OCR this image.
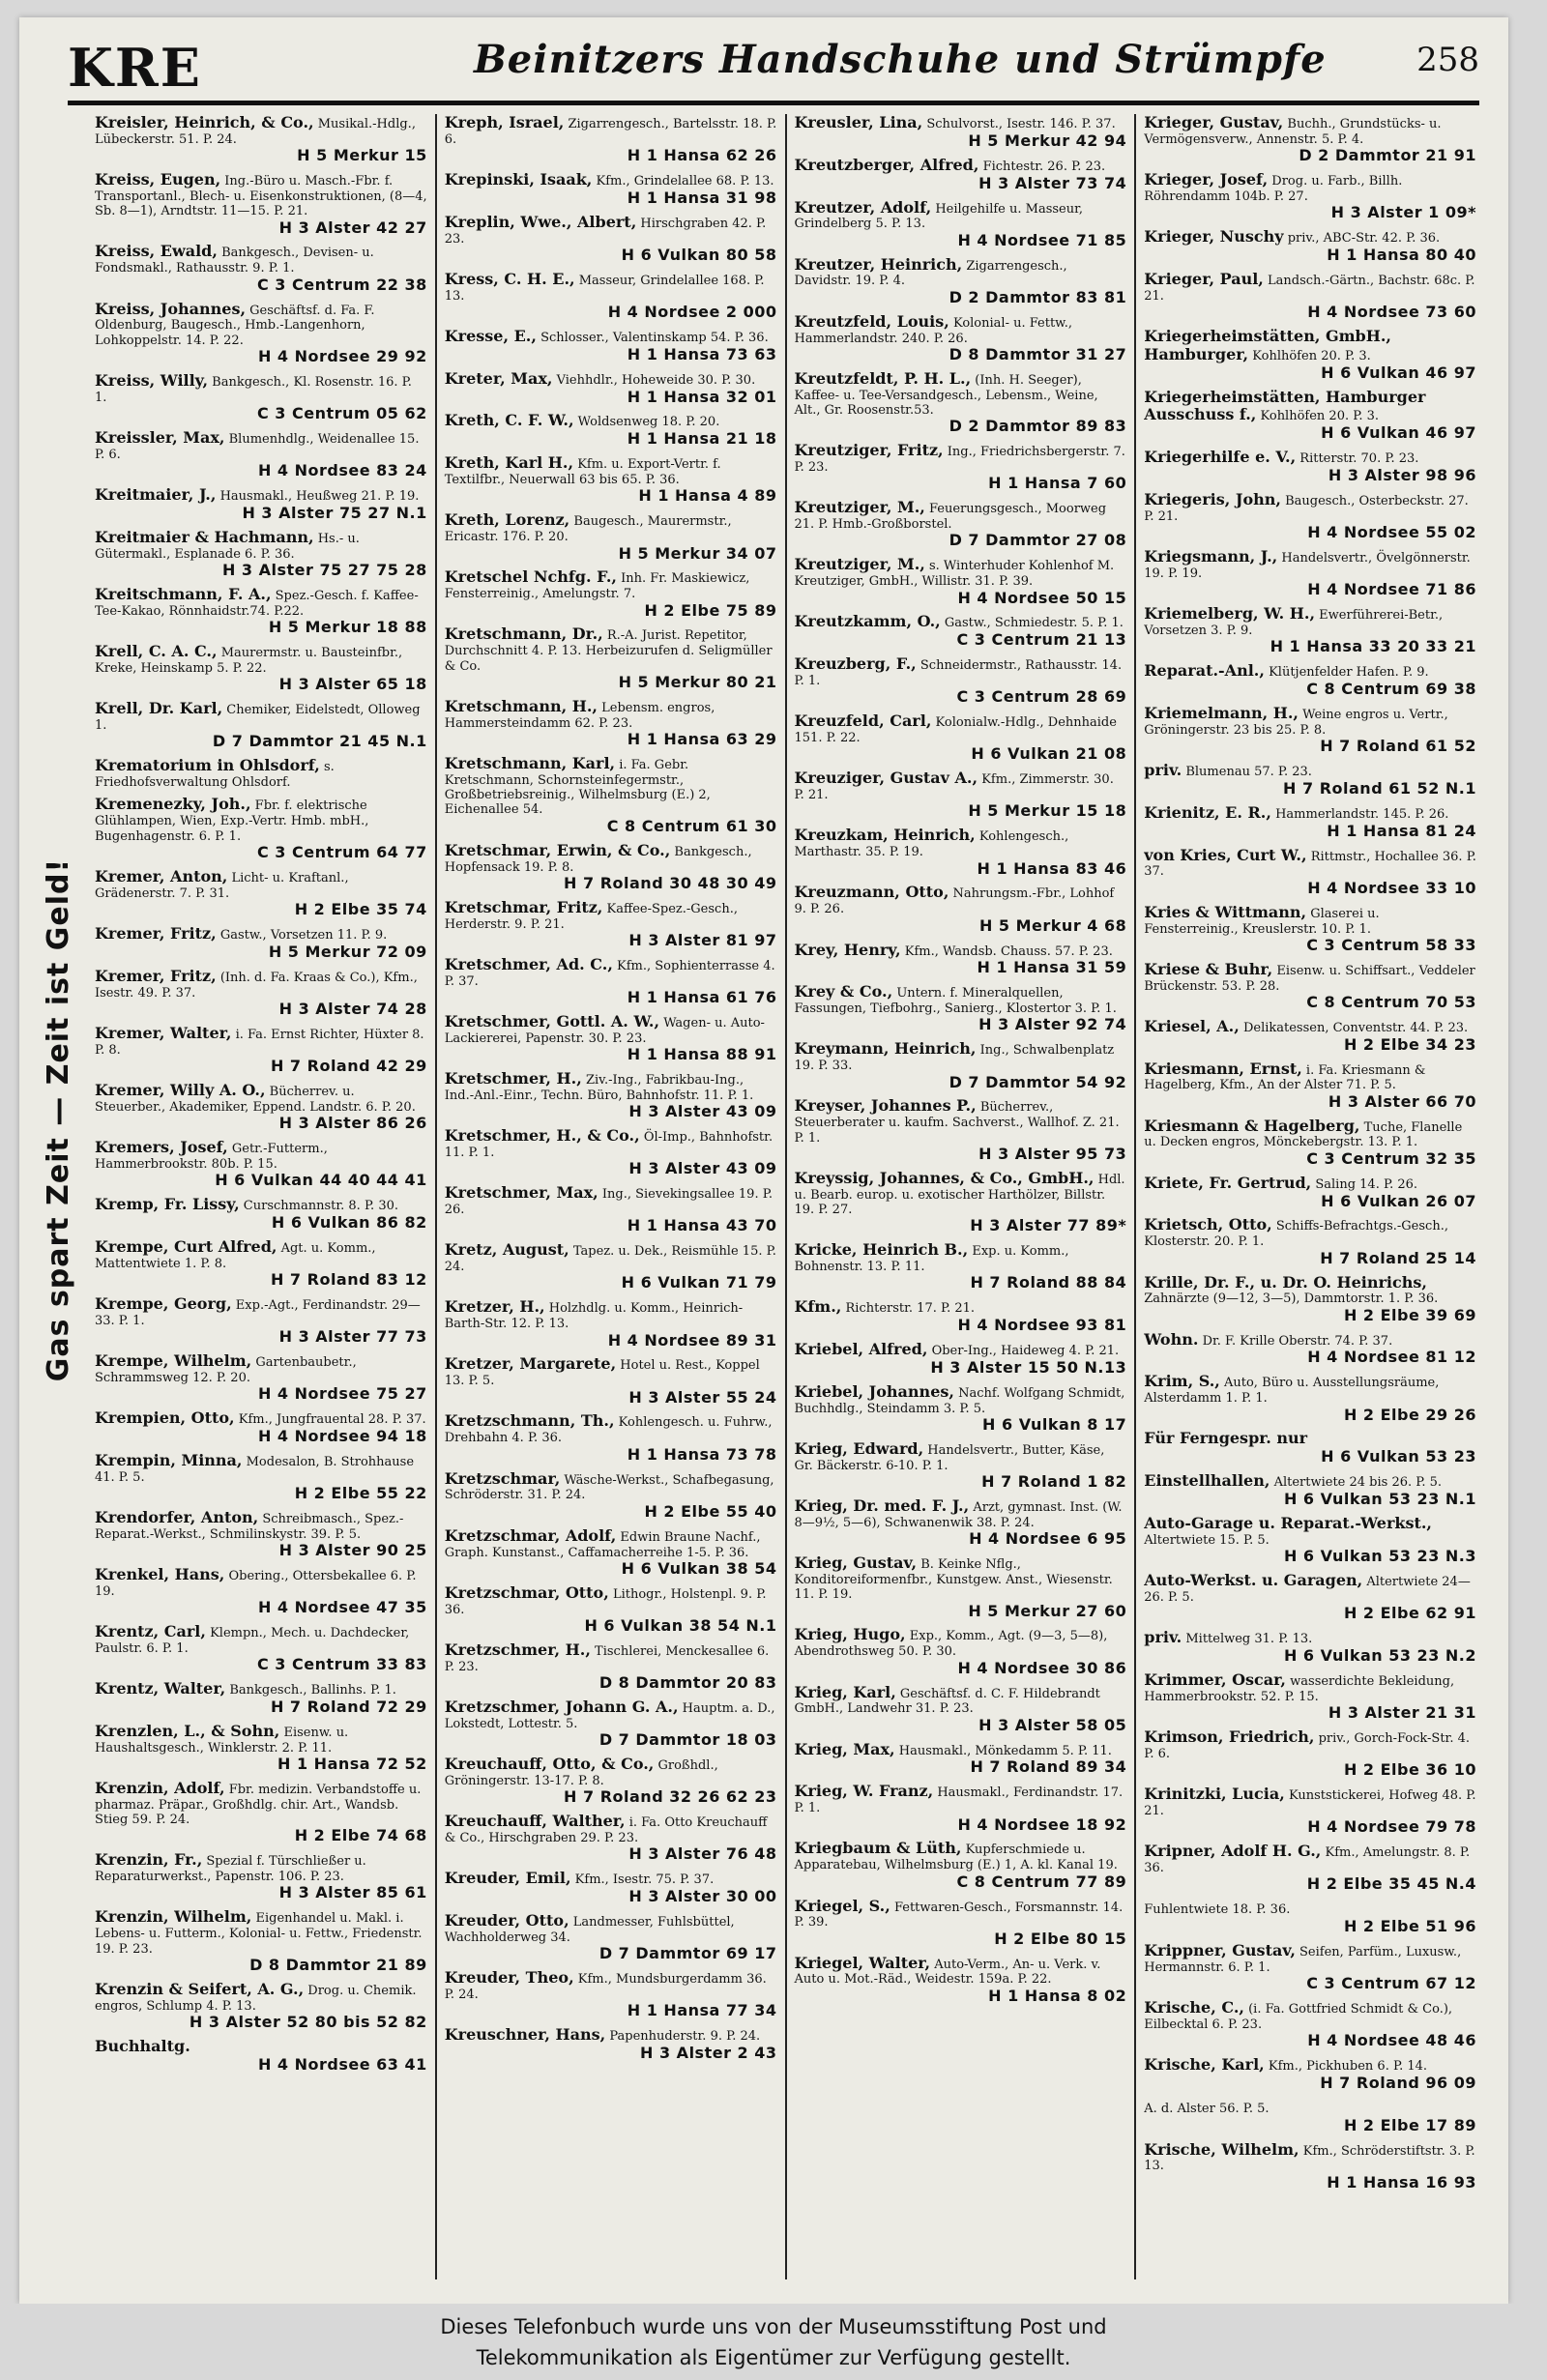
KRE	Beinitzers Handschuhe und Strümpfe	258
Gas spart Zeit — Zeit ist Geld!
Kreisler, Heinrich, & Co., Musikal.-Hdlg., Lübeckerstr. 51. P. 24.
H 5 Merkur 15
Kreiss, Eugen, Ing.-Büro u. Masch.-Fbr. f. Transportanl., Blech- u. Eisenkonstruktionen, (8—4, Sb. 8—1), Arndtstr. 11—15. P. 21.
H 3 Alster 42 27
Kreiss, Ewald, Bankgesch., Devisen- u. Fondsmakl., Rathausstr. 9. P. 1.
C 3 Centrum 22 38
Kreiss, Johannes, Geschäftsf. d. Fa. F. Oldenburg, Baugesch., Hmb.-Langenhorn, Lohkoppelstr. 14. P. 22.
H 4 Nordsee 29 92
Kreiss, Willy, Bankgesch., Kl. Rosenstr. 16. P. 1.
C 3 Centrum 05 62
Kreissler, Max, Blumenhdlg., Weidenallee 15. P. 6.
H 4 Nordsee 83 24
Kreitmaier, J., Hausmakl., Heußweg 21. P. 19.
H 3 Alster 75 27 N.1
Kreitmaier & Hachmann, Hs.- u. Gütermakl., Esplanade 6. P. 36.
H 3 Alster 75 27 75 28
Kreitschmann, F. A., Spez.-Gesch. f. Kaffee-Tee-Kakao, Rönnhaidstr.74. P.22.
H 5 Merkur 18 88
Krell, C. A. C., Maurermstr. u. Bausteinfbr., Kreke, Heinskamp 5. P. 22.
H 3 Alster 65 18
Krell, Dr. Karl, Chemiker, Eidelstedt, Olloweg 1.
D 7 Dammtor 21 45 N.1
Krematorium in Ohlsdorf, s. Friedhofsverwaltung Ohlsdorf.
Kremenezky, Joh., Fbr. f. elektrische Glühlampen, Wien, Exp.-Vertr. Hmb. mbH., Bugenhagenstr. 6. P. 1.
C 3 Centrum 64 77
Kremer, Anton, Licht- u. Kraftanl., Grädenerstr. 7. P. 31.
H 2 Elbe 35 74
Kremer, Fritz, Gastw., Vorsetzen 11. P. 9.
H 5 Merkur 72 09
Kremer, Fritz, (Inh. d. Fa. Kraas & Co.), Kfm., Isestr. 49. P. 37.
H 3 Alster 74 28
Kremer, Walter, i. Fa. Ernst Richter, Hüxter 8. P. 8.
H 7 Roland 42 29
Kremer, Willy A. O., Bücherrev. u. Steuerber., Akademiker, Eppend. Landstr. 6. P. 20.
H 3 Alster 86 26
Kremers, Josef, Getr.-Futterm., Hammerbrookstr. 80b. P. 15.
H 6 Vulkan 44 40 44 41
Kremp, Fr. Lissy, Curschmannstr. 8. P. 30.
H 6 Vulkan 86 82
Krempe, Curt Alfred, Agt. u. Komm., Mattentwiete 1. P. 8.
H 7 Roland 83 12
Krempe, Georg, Exp.-Agt., Ferdinandstr. 29—33. P. 1.
H 3 Alster 77 73
Krempe, Wilhelm, Gartenbaubetr., Schrammsweg 12. P. 20.
H 4 Nordsee 75 27
Krempien, Otto, Kfm., Jungfrauental 28. P. 37.
H 4 Nordsee 94 18
Krempin, Minna, Modesalon, B. Strohhause 41. P. 5.
H 2 Elbe 55 22
Krendorfer, Anton, Schreibmasch., Spez.-Reparat.-Werkst., Schmilinskystr. 39. P. 5.
H 3 Alster 90 25
Krenkel, Hans, Obering., Ottersbekallee 6. P. 19.
H 4 Nordsee 47 35
Krentz, Carl, Klempn., Mech. u. Dachdecker, Paulstr. 6. P. 1.
C 3 Centrum 33 83
Krentz, Walter, Bankgesch., Ballinhs. P. 1.
H 7 Roland 72 29
Krenzlen, L., & Sohn, Eisenw. u. Haushaltsgesch., Winklerstr. 2. P. 11.
H 1 Hansa 72 52
Krenzin, Adolf, Fbr. medizin. Verbandstoffe u. pharmaz. Präpar., Großhdlg. chir. Art., Wandsb. Stieg 59. P. 24.
H 2 Elbe 74 68
Krenzin, Fr., Spezial f. Türschließer u. Reparaturwerkst., Papenstr. 106. P. 23.
H 3 Alster 85 61
Krenzin, Wilhelm, Eigenhandel u. Makl. i. Lebens- u. Futterm., Kolonial- u. Fettw., Friedenstr. 19. P. 23.
D 8 Dammtor 21 89
Krenzin & Seifert, A. G., Drog. u. Chemik. engros, Schlump 4. P. 13.
H 3 Alster 52 80 bis 52 82
Buchhaltg.
H 4 Nordsee 63 41
Kreph, Israel, Zigarrengesch., Bartelsstr. 18. P. 6.
H 1 Hansa 62 26
Krepinski, Isaak, Kfm., Grindelallee 68. P. 13.
H 1 Hansa 31 98
Kreplin, Wwe., Albert, Hirschgraben 42. P. 23.
H 6 Vulkan 80 58
Kress, C. H. E., Masseur, Grindelallee 168. P. 13.
H 4 Nordsee 2 000
Kresse, E., Schlosser., Valentinskamp 54. P. 36.
H 1 Hansa 73 63
Kreter, Max, Viehhdlr., Hoheweide 30. P. 30.
H 1 Hansa 32 01
Kreth, C. F. W., Woldsenweg 18. P. 20.
H 1 Hansa 21 18
Kreth, Karl H., Kfm. u. Export-Vertr. f. Textilfbr., Neuerwall 63 bis 65. P. 36.
H 1 Hansa 4 89
Kreth, Lorenz, Baugesch., Maurermstr., Ericastr. 176. P. 20.
H 5 Merkur 34 07
Kretschel Nchfg. F., Inh. Fr. Maskiewicz, Fensterreinig., Amelungstr. 7.
H 2 Elbe 75 89
Kretschmann, Dr., R.-A. Jurist. Repetitor, Durchschnitt 4. P. 13. Herbeizurufen d. Seligmüller & Co.
H 5 Merkur 80 21
Kretschmann, H., Lebensm. engros, Hammersteindamm 62. P. 23.
H 1 Hansa 63 29
Kretschmann, Karl, i. Fa. Gebr. Kretschmann, Schornsteinfegermstr., Großbetriebsreinig., Wilhelmsburg (E.) 2, Eichenallee 54.
C 8 Centrum 61 30
Kretschmar, Erwin, & Co., Bankgesch., Hopfensack 19. P. 8.
H 7 Roland 30 48 30 49
Kretschmar, Fritz, Kaffee-Spez.-Gesch., Herderstr. 9. P. 21.
H 3 Alster 81 97
Kretschmer, Ad. C., Kfm., Sophienterrasse 4. P. 37.
H 1 Hansa 61 76
Kretschmer, Gottl. A. W., Wagen- u. Auto-Lackiererei, Papenstr. 30. P. 23.
H 1 Hansa 88 91
Kretschmer, H., Ziv.-Ing., Fabrikbau-Ing., Ind.-Anl.-Einr., Techn. Büro, Bahnhofstr. 11. P. 1.
H 3 Alster 43 09
Kretschmer, H., & Co., Öl-Imp., Bahnhofstr. 11. P. 1.
H 3 Alster 43 09
Kretschmer, Max, Ing., Sievekingsallee 19. P. 26.
H 1 Hansa 43 70
Kretz, August, Tapez. u. Dek., Reismühle 15. P. 24.
H 6 Vulkan 71 79
Kretzer, H., Holzhdlg. u. Komm., Heinrich-Barth-Str. 12. P. 13.
H 4 Nordsee 89 31
Kretzer, Margarete, Hotel u. Rest., Koppel 13. P. 5.
H 3 Alster 55 24
Kretzschmann, Th., Kohlengesch. u. Fuhrw., Drehbahn 4. P. 36.
H 1 Hansa 73 78
Kretzschmar, Wäsche-Werkst., Schafbegasung, Schröderstr. 31. P. 24.
H 2 Elbe 55 40
Kretzschmar, Adolf, Edwin Braune Nachf., Graph. Kunstanst., Caffamacherreihe 1-5. P. 36.
H 6 Vulkan 38 54
Kretzschmar, Otto, Lithogr., Holstenpl. 9. P. 36.
H 6 Vulkan 38 54 N.1
Kretzschmer, H., Tischlerei, Menckesallee 6. P. 23.
D 8 Dammtor 20 83
Kretzschmer, Johann G. A., Hauptm. a. D., Lokstedt, Lottestr. 5.
D 7 Dammtor 18 03
Kreuchauff, Otto, & Co., Großhdl., Gröningerstr. 13-17. P. 8.
H 7 Roland 32 26 62 23
Kreuchauff, Walther, i. Fa. Otto Kreuchauff & Co., Hirschgraben 29. P. 23.
H 3 Alster 76 48
Kreuder, Emil, Kfm., Isestr. 75. P. 37.
H 3 Alster 30 00
Kreuder, Otto, Landmesser, Fuhlsbüttel, Wachholderweg 34.
D 7 Dammtor 69 17
Kreuder, Theo, Kfm., Mundsburgerdamm 36. P. 24.
H 1 Hansa 77 34
Kreuschner, Hans, Papenhuderstr. 9. P. 24.
H 3 Alster 2 43
Kreusler, Lina, Schulvorst., Isestr. 146. P. 37.
H 5 Merkur 42 94
Kreutzberger, Alfred, Fichtestr. 26. P. 23.
H 3 Alster 73 74
Kreutzer, Adolf, Heilgehilfe u. Masseur, Grindelberg 5. P. 13.
H 4 Nordsee 71 85
Kreutzer, Heinrich, Zigarrengesch., Davidstr. 19. P. 4.
D 2 Dammtor 83 81
Kreutzfeld, Louis, Kolonial- u. Fettw., Hammerlandstr. 240. P. 26.
D 8 Dammtor 31 27
Kreutzfeldt, P. H. L., (Inh. H. Seeger), Kaffee- u. Tee-Versandgesch., Lebensm., Weine, Alt., Gr. Roosenstr.53.
D 2 Dammtor 89 83
Kreutziger, Fritz, Ing., Friedrichsbergerstr. 7. P. 23.
H 1 Hansa 7 60
Kreutziger, M., Feuerungsgesch., Moorweg 21. P. Hmb.-Großborstel.
D 7 Dammtor 27 08
Kreutziger, M., s. Winterhuder Kohlenhof M. Kreutziger, GmbH., Willistr. 31. P. 39.
H 4 Nordsee 50 15
Kreutzkamm, O., Gastw., Schmiedestr. 5. P. 1.
C 3 Centrum 21 13
Kreuzberg, F., Schneidermstr., Rathausstr. 14. P. 1.
C 3 Centrum 28 69
Kreuzfeld, Carl, Kolonialw.-Hdlg., Dehnhaide 151. P. 22.
H 6 Vulkan 21 08
Kreuziger, Gustav A., Kfm., Zimmerstr. 30. P. 21.
H 5 Merkur 15 18
Kreuzkam, Heinrich, Kohlengesch., Marthastr. 35. P. 19.
H 1 Hansa 83 46
Kreuzmann, Otto, Nahrungsm.-Fbr., Lohhof 9. P. 26.
H 5 Merkur 4 68
Krey, Henry, Kfm., Wandsb. Chauss. 57. P. 23.
H 1 Hansa 31 59
Krey & Co., Untern. f. Mineralquellen, Fassungen, Tiefbohrg., Sanierg., Klostertor 3. P. 1.
H 3 Alster 92 74
Kreymann, Heinrich, Ing., Schwalbenplatz 19. P. 33.
D 7 Dammtor 54 92
Kreyser, Johannes P., Bücherrev., Steuerberater u. kaufm. Sachverst., Wallhof. Z. 21. P. 1.
H 3 Alster 95 73
Kreyssig, Johannes, & Co., GmbH., Hdl. u. Bearb. europ. u. exotischer Harthölzer, Billstr. 19. P. 27.
H 3 Alster 77 89*
Kricke, Heinrich B., Exp. u. Komm., Bohnenstr. 13. P. 11.
H 7 Roland 88 84
Kfm., Richterstr. 17. P. 21.
H 4 Nordsee 93 81
Kriebel, Alfred, Ober-Ing., Haideweg 4. P. 21.
H 3 Alster 15 50 N.13
Kriebel, Johannes, Nachf. Wolfgang Schmidt, Buchhdlg., Steindamm 3. P. 5.
H 6 Vulkan 8 17
Krieg, Edward, Handelsvertr., Butter, Käse, Gr. Bäckerstr. 6-10. P. 1.
H 7 Roland 1 82
Krieg, Dr. med. F. J., Arzt, gymnast. Inst. (W. 8—9½, 5—6), Schwanenwik 38. P. 24.
H 4 Nordsee 6 95
Krieg, Gustav, B. Keinke Nflg., Konditoreiformenfbr., Kunstgew. Anst., Wiesenstr. 11. P. 19.
H 5 Merkur 27 60
Krieg, Hugo, Exp., Komm., Agt. (9—3, 5—8), Abendrothsweg 50. P. 30.
H 4 Nordsee 30 86
Krieg, Karl, Geschäftsf. d. C. F. Hildebrandt GmbH., Landwehr 31. P. 23.
H 3 Alster 58 05
Krieg, Max, Hausmakl., Mönkedamm 5. P. 11.
H 7 Roland 89 34
Krieg, W. Franz, Hausmakl., Ferdinandstr. 17. P. 1.
H 4 Nordsee 18 92
Kriegbaum & Lüth, Kupferschmiede u. Apparatebau, Wilhelmsburg (E.) 1, A. kl. Kanal 19.
C 8 Centrum 77 89
Kriegel, S., Fettwaren-Gesch., Forsmannstr. 14. P. 39.
H 2 Elbe 80 15
Kriegel, Walter, Auto-Verm., An- u. Verk. v. Auto u. Mot.-Räd., Weidestr. 159a. P. 22.
H 1 Hansa 8 02
Krieger, Gustav, Buchh., Grundstücks- u. Vermögensverw., Annenstr. 5. P. 4.
D 2 Dammtor 21 91
Krieger, Josef, Drog. u. Farb., Billh. Röhrendamm 104b. P. 27.
H 3 Alster 1 09*
Krieger, Nuschy priv., ABC-Str. 42. P. 36.
H 1 Hansa 80 40
Krieger, Paul, Landsch.-Gärtn., Bachstr. 68c. P. 21.
H 4 Nordsee 73 60
Kriegerheimstätten, GmbH., Hamburger, Kohlhöfen 20. P. 3.
H 6 Vulkan 46 97
Kriegerheimstätten, Hamburger Ausschuss f., Kohlhöfen 20. P. 3.
H 6 Vulkan 46 97
Kriegerhilfe e. V., Ritterstr. 70. P. 23.
H 3 Alster 98 96
Kriegeris, John, Baugesch., Osterbeckstr. 27. P. 21.
H 4 Nordsee 55 02
Kriegsmann, J., Handelsvertr., Övelgönnerstr. 19. P. 19.
H 4 Nordsee 71 86
Kriemelberg, W. H., Ewerführerei-Betr., Vorsetzen 3. P. 9.
H 1 Hansa 33 20 33 21
Reparat.-Anl., Klütjenfelder Hafen. P. 9.
C 8 Centrum 69 38
Kriemelmann, H., Weine engros u. Vertr., Gröningerstr. 23 bis 25. P. 8.
H 7 Roland 61 52
priv. Blumenau 57. P. 23.
H 7 Roland 61 52 N.1
Krienitz, E. R., Hammerlandstr. 145. P. 26.
H 1 Hansa 81 24
von Kries, Curt W., Rittmstr., Hochallee 36. P. 37.
H 4 Nordsee 33 10
Kries & Wittmann, Glaserei u. Fensterreinig., Kreuslerstr. 10. P. 1.
C 3 Centrum 58 33
Kriese & Buhr, Eisenw. u. Schiffsart., Veddeler Brückenstr. 53. P. 28.
C 8 Centrum 70 53
Kriesel, A., Delikatessen, Conventstr. 44. P. 23.
H 2 Elbe 34 23
Kriesmann, Ernst, i. Fa. Kriesmann & Hagelberg, Kfm., An der Alster 71. P. 5.
H 3 Alster 66 70
Kriesmann & Hagelberg, Tuche, Flanelle u. Decken engros, Mönckebergstr. 13. P. 1.
C 3 Centrum 32 35
Kriete, Fr. Gertrud, Saling 14. P. 26.
H 6 Vulkan 26 07
Krietsch, Otto, Schiffs-Befrachtgs.-Gesch., Klosterstr. 20. P. 1.
H 7 Roland 25 14
Krille, Dr. F., u. Dr. O. Heinrichs, Zahnärzte (9—12, 3—5), Dammtorstr. 1. P. 36.
H 2 Elbe 39 69
Wohn. Dr. F. Krille Oberstr. 74. P. 37.
H 4 Nordsee 81 12
Krim, S., Auto, Büro u. Ausstellungsräume, Alsterdamm 1. P. 1.
H 2 Elbe 29 26
Für Ferngespr. nur
H 6 Vulkan 53 23
Einstellhallen, Altertwiete 24 bis 26. P. 5.
H 6 Vulkan 53 23 N.1
Auto-Garage u. Reparat.-Werkst., Altertwiete 15. P. 5.
H 6 Vulkan 53 23 N.3
Auto-Werkst. u. Garagen, Altertwiete 24—26. P. 5.
H 2 Elbe 62 91
priv. Mittelweg 31. P. 13.
H 6 Vulkan 53 23 N.2
Krimmer, Oscar, wasserdichte Bekleidung, Hammerbrookstr. 52. P. 15.
H 3 Alster 21 31
Krimson, Friedrich, priv., Gorch-Fock-Str. 4. P. 6.
H 2 Elbe 36 10
Krinitzki, Lucia, Kunststickerei, Hofweg 48. P. 21.
H 4 Nordsee 79 78
Kripner, Adolf H. G., Kfm., Amelungstr. 8. P. 36.
H 2 Elbe 35 45 N.4
Fuhlentwiete 18. P. 36.
H 2 Elbe 51 96
Krippner, Gustav, Seifen, Parfüm., Luxusw., Hermannstr. 6. P. 1.
C 3 Centrum 67 12
Krische, C., (i. Fa. Gottfried Schmidt & Co.), Eilbecktal 6. P. 23.
H 4 Nordsee 48 46
Krische, Karl, Kfm., Pickhuben 6. P. 14.
H 7 Roland 96 09
A. d. Alster 56. P. 5.
H 2 Elbe 17 89
Krische, Wilhelm, Kfm., Schröderstiftstr. 3. P. 13.
H 1 Hansa 16 93
Dieses Telefonbuch wurde uns von der Museumsstiftung Post und
Telekommunikation als Eigentümer zur Verfügung gestellt.
